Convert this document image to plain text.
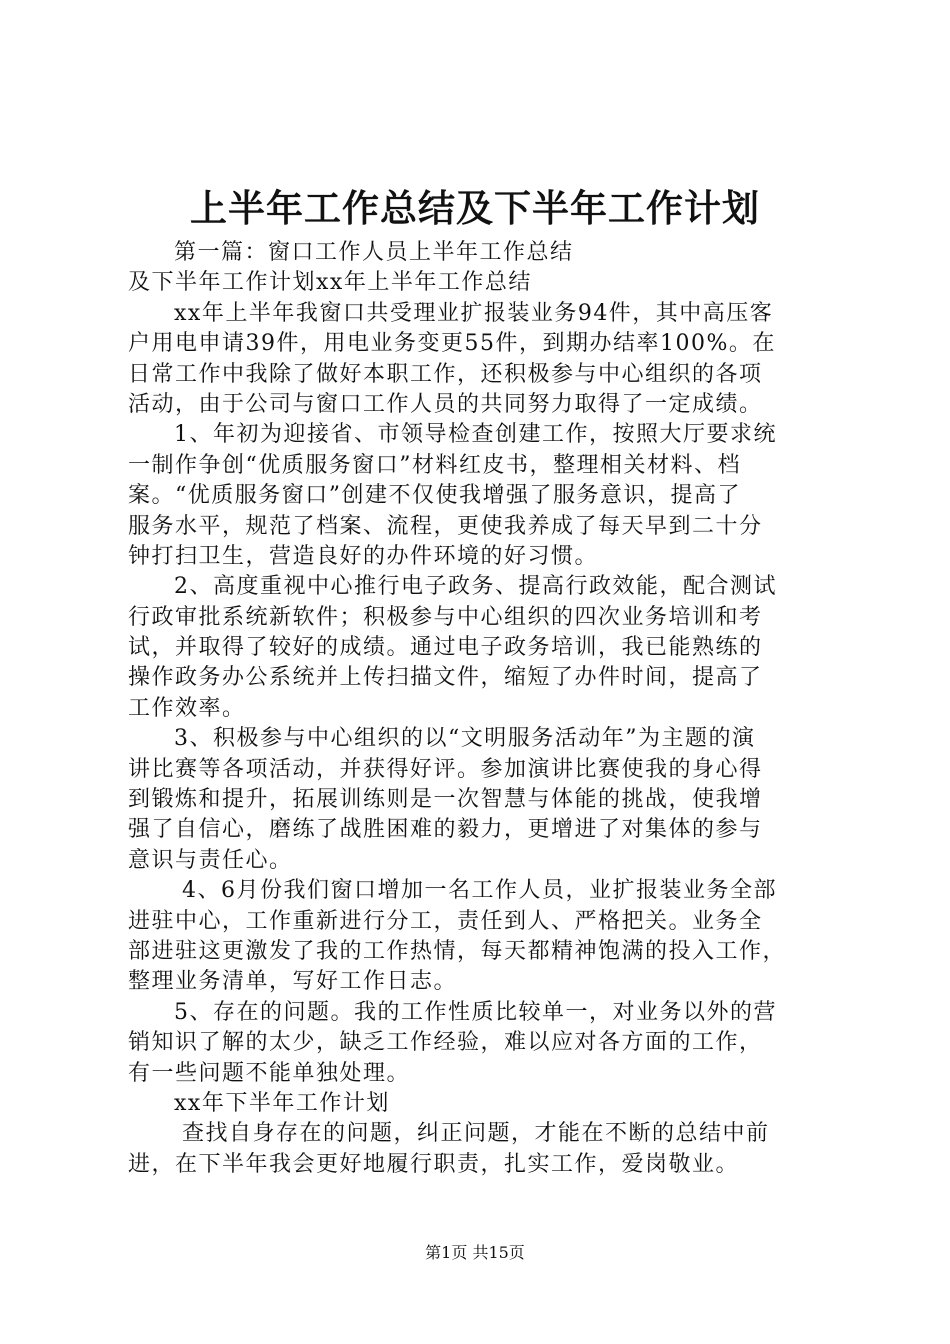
上半年工作总结及下半年工作计划
第一篇：窗口工作人员上半年工作总结
及下半年工作计划xx年上半年工作总结
xx年上半年我窗口共受理业扩报装业务94件，其中高压客
户用电申请39件，用电业务变更55件，到期办结率100%。在
日常工作中我除了做好本职工作，还积极参与中心组织的各项
活动，由于公司与窗口工作人员的共同努力取得了一定成绩。
1、年初为迎接省、市领导检查创建工作，按照大厅要求统
一制作争创“优质服务窗口”材料红皮书，整理相关材料、档
案。“优质服务窗口”创建不仅使我增强了服务意识，提高了
服务水平，规范了档案、流程，更使我养成了每天早到二十分
钟打扫卫生，营造良好的办件环境的好习惯。
2、高度重视中心推行电子政务、提高行政效能，配合测试
行政审批系统新软件；积极参与中心组织的四次业务培训和考
试，并取得了较好的成绩。通过电子政务培训，我已能熟练的
操作政务办公系统并上传扫描文件，缩短了办件时间，提高了
工作效率。
3、积极参与中心组织的以“文明服务活动年”为主题的演
讲比赛等各项活动，并获得好评。参加演讲比赛使我的身心得
到锻炼和提升，拓展训练则是一次智慧与体能的挑战，使我增
强了自信心，磨练了战胜困难的毅力，更增进了对集体的参与
意识与责任心。
4、6月份我们窗口增加一名工作人员，业扩报装业务全部
进驻中心，工作重新进行分工，责任到人、严格把关。业务全
部进驻这更激发了我的工作热情，每天都精神饱满的投入工作，
整理业务清单，写好工作日志。
5、存在的问题。我的工作性质比较单一，对业务以外的营
销知识了解的太少，缺乏工作经验，难以应对各方面的工作，
有一些问题不能单独处理。
xx年下半年工作计划
查找自身存在的问题，纠正问题，才能在不断的总结中前
进，在下半年我会更好地履行职责，扎实工作，爱岗敬业。
第1页 共15页
